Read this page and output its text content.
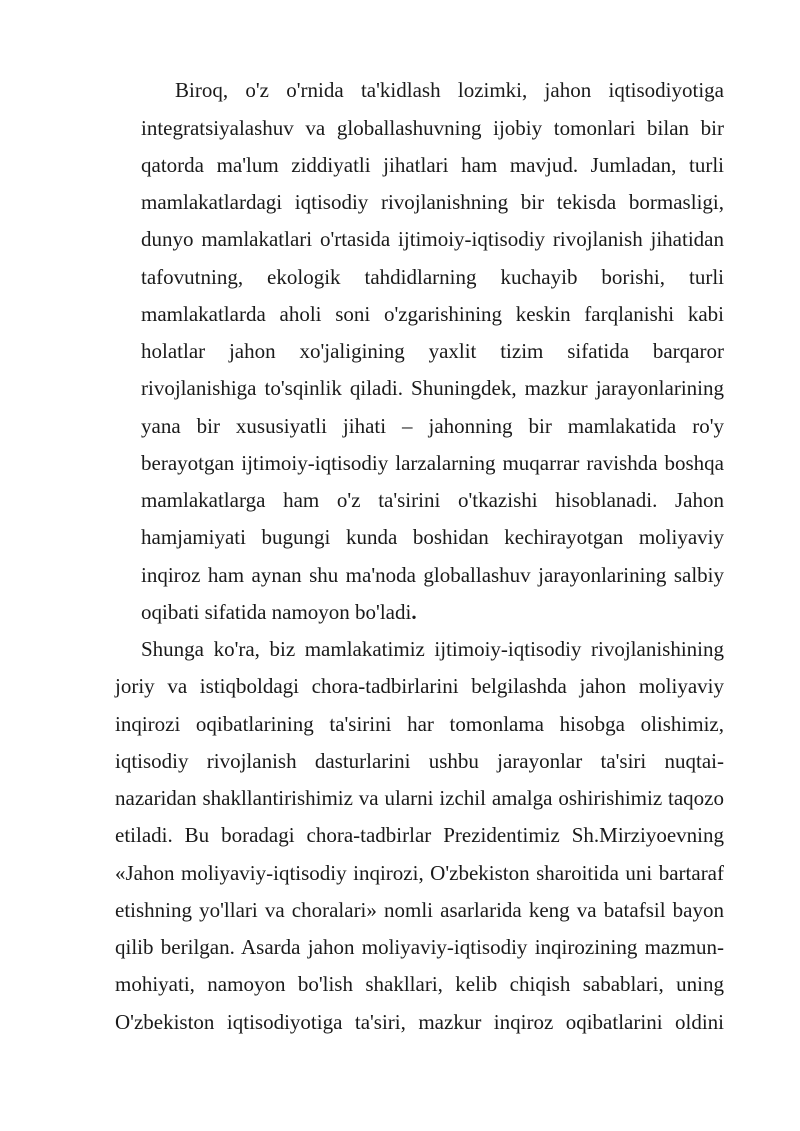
Biroq, o'z o'rnida ta'kidlash lozimki, jahon iqtisodiyotiga
integratsiyalashuv va globallashuvning ijobiy tomonlari bilan bir
qatorda ma'lum ziddiyatli jihatlari ham mavjud. Jumladan, turli
mamlakatlardagi iqtisodiy rivojlanishning bir tekisda bormasligi,
dunyo mamlakatlari o'rtasida ijtimoiy-iqtisodiy rivojlanish jihatidan
tafovutning, ekologik tahdidlarning kuchayib borishi, turli
mamlakatlarda aholi soni o'zgarishining keskin farqlanishi kabi
holatlar jahon xo'jaligining yaxlit tizim sifatida barqaror
rivojlanishiga to'sqinlik qiladi. Shuningdek, mazkur jarayonlarining
yana bir xususiyatli jihati – jahonning bir mamlakatida ro'y
berayotgan ijtimoiy-iqtisodiy larzalarning muqarrar ravishda boshqa
mamlakatlarga ham o'z ta'sirini o'tkazishi hisoblanadi. Jahon
hamjamiyati bugungi kunda boshidan kechirayotgan moliyaviy
inqiroz ham aynan shu ma'noda globallashuv jarayonlarining salbiy
oqibati sifatida namoyon bo'ladi.
Shunga ko'ra, biz mamlakatimiz ijtimoiy-iqtisodiy rivojlanishining
joriy va istiqboldagi chora-tadbirlarini belgilashda jahon moliyaviy
inqirozi oqibatlarining ta'sirini har tomonlama hisobga olishimiz,
iqtisodiy rivojlanish dasturlarini ushbu jarayonlar ta'siri nuqtai-
nazaridan shakllantirishimiz va ularni izchil amalga oshirishimiz taqozo
etiladi. Bu boradagi chora-tadbirlar Prezidentimiz Sh.Mirziyoevning
«Jahon moliyaviy-iqtisodiy inqirozi, O'zbekiston sharoitida uni bartaraf
etishning yo'llari va choralari» nomli asarlarida keng va batafsil bayon
qilib berilgan. Asarda jahon moliyaviy-iqtisodiy inqirozining mazmun-
mohiyati, namoyon bo'lish shakllari, kelib chiqish sabablari, uning
O'zbekiston iqtisodiyotiga ta'siri, mazkur inqiroz oqibatlarini oldini
